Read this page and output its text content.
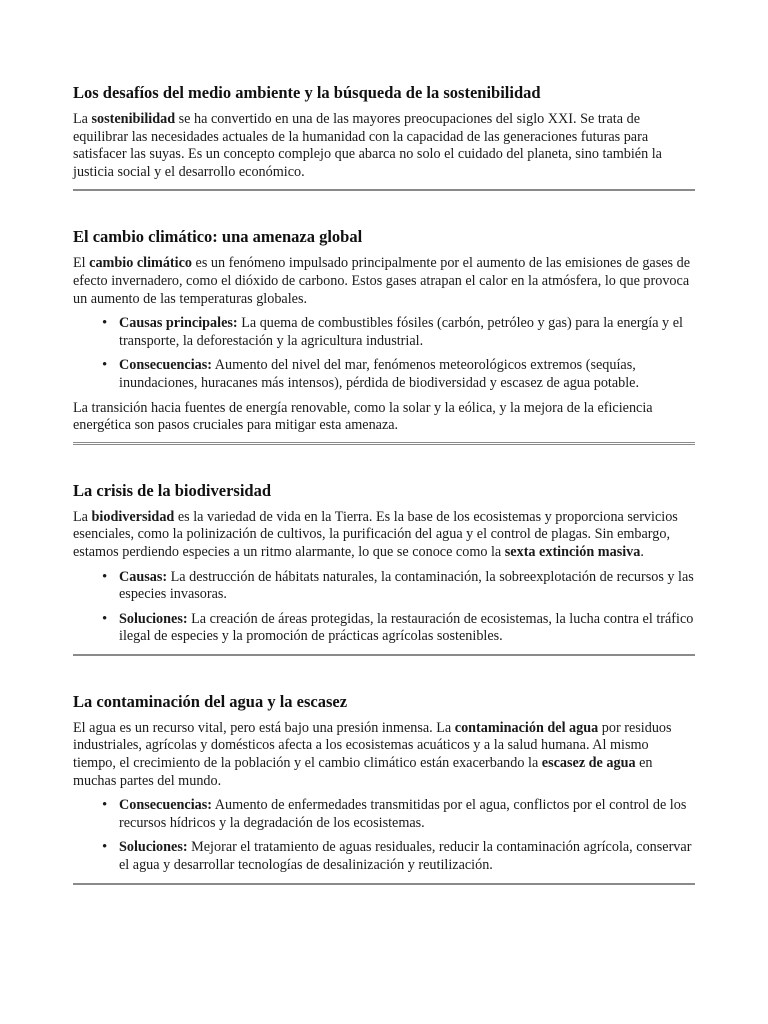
Los desafíos del medio ambiente y la búsqueda de la sostenibilidad

La sostenibilidad se ha convertido en una de las mayores preocupaciones del siglo XXI. Se trata de equilibrar las necesidades actuales de la humanidad con la capacidad de las generaciones futuras para satisfacer las suyas. Es un concepto complejo que abarca no solo el cuidado del planeta, sino también la justicia social y el desarrollo económico.

El cambio climático: una amenaza global

El cambio climático es un fenómeno impulsado principalmente por el aumento de las emisiones de gases de efecto invernadero, como el dióxido de carbono. Estos gases atrapan el calor en la atmósfera, lo que provoca un aumento de las temperaturas globales.

• Causas principales: La quema de combustibles fósiles (carbón, petróleo y gas) para la energía y el transporte, la deforestación y la agricultura industrial.
• Consecuencias: Aumento del nivel del mar, fenómenos meteorológicos extremos (sequías, inundaciones, huracanes más intensos), pérdida de biodiversidad y escasez de agua potable.

La transición hacia fuentes de energía renovable, como la solar y la eólica, y la mejora de la eficiencia energética son pasos cruciales para mitigar esta amenaza.

La crisis de la biodiversidad

La biodiversidad es la variedad de vida en la Tierra. Es la base de los ecosistemas y proporciona servicios esenciales, como la polinización de cultivos, la purificación del agua y el control de plagas. Sin embargo, estamos perdiendo especies a un ritmo alarmante, lo que se conoce como la sexta extinción masiva.

• Causas: La destrucción de hábitats naturales, la contaminación, la sobreexplotación de recursos y las especies invasoras.
• Soluciones: La creación de áreas protegidas, la restauración de ecosistemas, la lucha contra el tráfico ilegal de especies y la promoción de prácticas agrícolas sostenibles.
La contaminación del agua y la escasez

El agua es un recurso vital, pero está bajo una presión inmensa. La contaminación del agua por residuos industriales, agrícolas y domésticos afecta a los ecosistemas acuáticos y a la salud humana. Al mismo tiempo, el crecimiento de la población y el cambio climático están exacerbando la escasez de agua en muchas partes del mundo.

• Consecuencias: Aumento de enfermedades transmitidas por el agua, conflictos por el control de los recursos hídricos y la degradación de los ecosistemas.
• Soluciones: Mejorar el tratamiento de aguas residuales, reducir la contaminación agrícola, conservar el agua y desarrollar tecnologías de desalinización y reutilización.
